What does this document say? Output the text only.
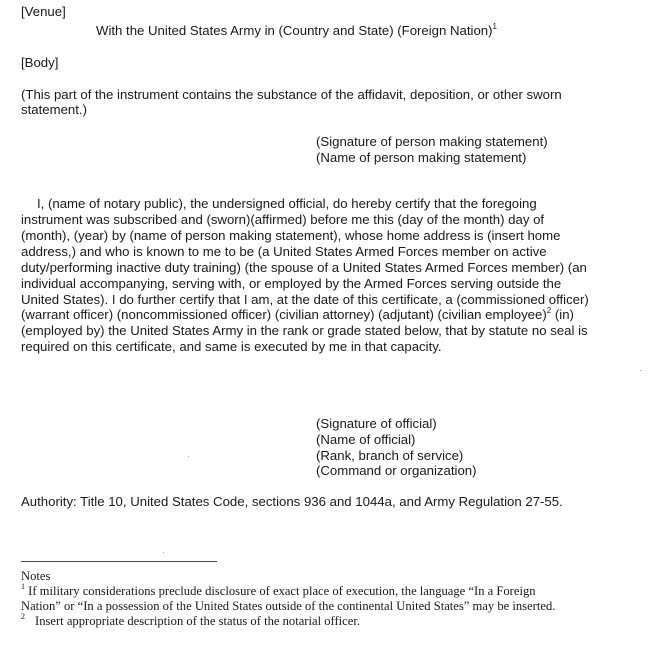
[Venue]
With the United States Army in (Country and State) (Foreign Nation)$^1$
[Body]
(This part of the instrument contains the substance of the affidavit, deposition, or other sworn
statement.)
(Signature of person making statement)
(Name of person making statement)
I, (name of notary public), the undersigned official, do hereby certify that the foregoing
instrument was subscribed and (sworn)(affirmed) before me this (day of the month) day of
(month), (year) by (name of person making statement), whose home address is (insert home
address,) and who is known to me to be (a United States Armed Forces member on active
duty/performing inactive duty training) (the spouse of a United States Armed Forces member) (an
individual accompanying, serving with, or employed by the Armed Forces serving outside the
United States). I do further certify that I am, at the date of this certificate, a (commissioned officer)
(warrant officer) (noncommissioned officer) (civilian attorney) (adjutant) (civilian employee)$^2$ (in)
(employed by) the United States Army in the rank or grade stated below, that by statute no seal is
required on this certificate, and same is executed by me in that capacity.
(Signature of official)
(Name of official)
(Rank, branch of service)
(Command or organization)
Authority: Title 10, United States Code, sections 936 and 1044a, and Army Regulation 27-55.
Notes
$^1$ If military considerations preclude disclosure of exact place of execution, the language “In a Foreign
Nation” or “In a possession of the United States outside of the continental United States” may be inserted.
$^2$ Insert appropriate description of the status of the notarial officer.
